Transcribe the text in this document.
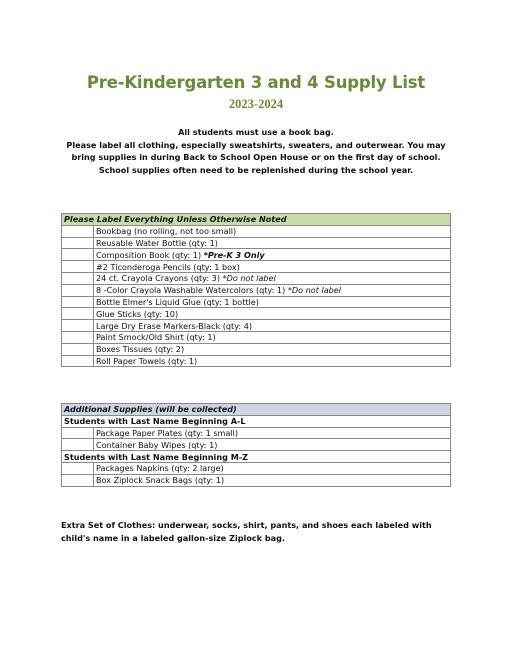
Pre-Kindergarten 3 and 4 Supply List
2023-2024

All students must use a book bag.

Please label all clothing, especially sweatshirts, sweaters, and outerwear. You may bring supplies in during Back to School Open House or on the first day of school. School supplies often need to be replenished during the school year.

Please Label Everything Unless Otherwise Noted	
	Bookbag (no rolling, not too small)
	Reusable Water Bottle (qty: 1)
	Composition Book (qty: 1) *Pre-K 3 Only
	#2 Ticonderoga Pencils (qty: 1 box)
	24 ct. Crayola Crayons (qty: 3) *Do not label
	8 -Color Crayola Washable Watercolors (qty: 1) *Do not label
	Bottle Elmer's Liquid Glue (qty: 1 bottle)
	Glue Sticks (qty: 10)
	Large Dry Erase Markers-Black (qty: 4)
	Paint Smock/Old Shirt (qty: 1)
	Boxes Tissues (qty: 2)
	Roll Paper Towels (qty: 1)
Additional Supplies (will be collected)	
Students with Last Name Beginning A-L	
	Package Paper Plates (qty: 1 small)
	Container Baby Wipes (qty: 1)
Students with Last Name Beginning M-Z	
	Packages Napkins (qty: 2 large)
	Box Ziplock Snack Bags (qty: 1)
Extra Set of Clothes: underwear, socks, shirt, pants, and shoes each labeled with child's name in a labeled gallon-size Ziplock bag.
